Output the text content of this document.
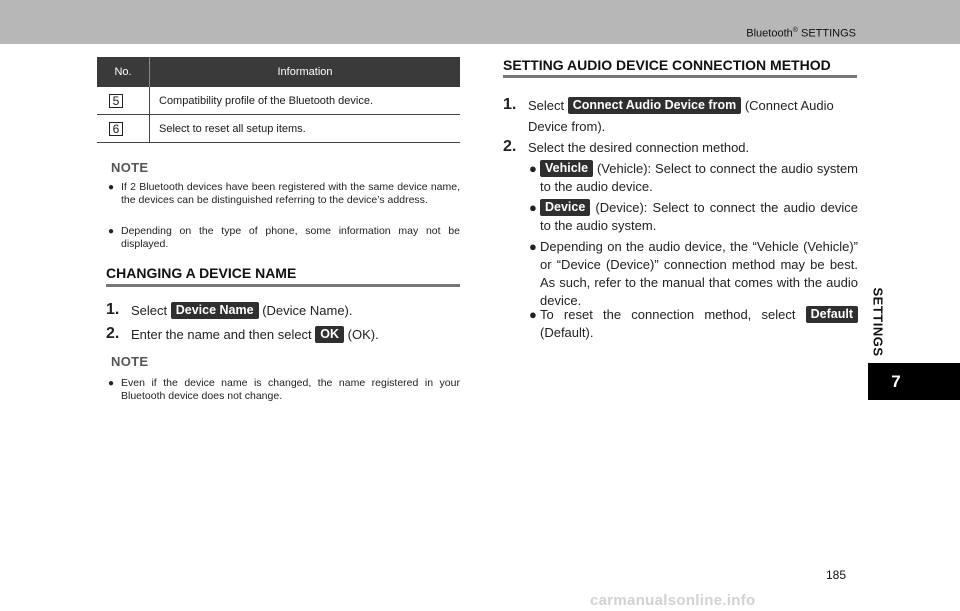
Bluetooth® SETTINGS
SETTINGS
7
No.	Information
5	Compatibility profile of the Bluetooth device.
6	Select to reset all setup items.
NOTE
● If 2 Bluetooth devices have been registered with the same device name, the devices can be distinguished referring to the device’s address.
● Depending on the type of phone, some information may not be displayed.
CHANGING A DEVICE NAME
1. Select Device Name (Device Name).
2. Enter the name and then select OK (OK).
NOTE
● Even if the device name is changed, the name registered in your Bluetooth device does not change.
SETTING AUDIO DEVICE CONNECTION METHOD
1. Select Connect Audio Device from (Connect Audio Device from).
2. Select the desired connection method.
● Vehicle (Vehicle): Select to connect the audio system to the audio device.
● Device (Device): Select to connect the audio device to the audio system.
● Depending on the audio device, the “Vehicle (Vehicle)” or “Device (Device)” connection method may be best. As such, refer to the manual that comes with the audio device.
● To reset the connection method, select Default (Default).
185
carmanualsonline.info
